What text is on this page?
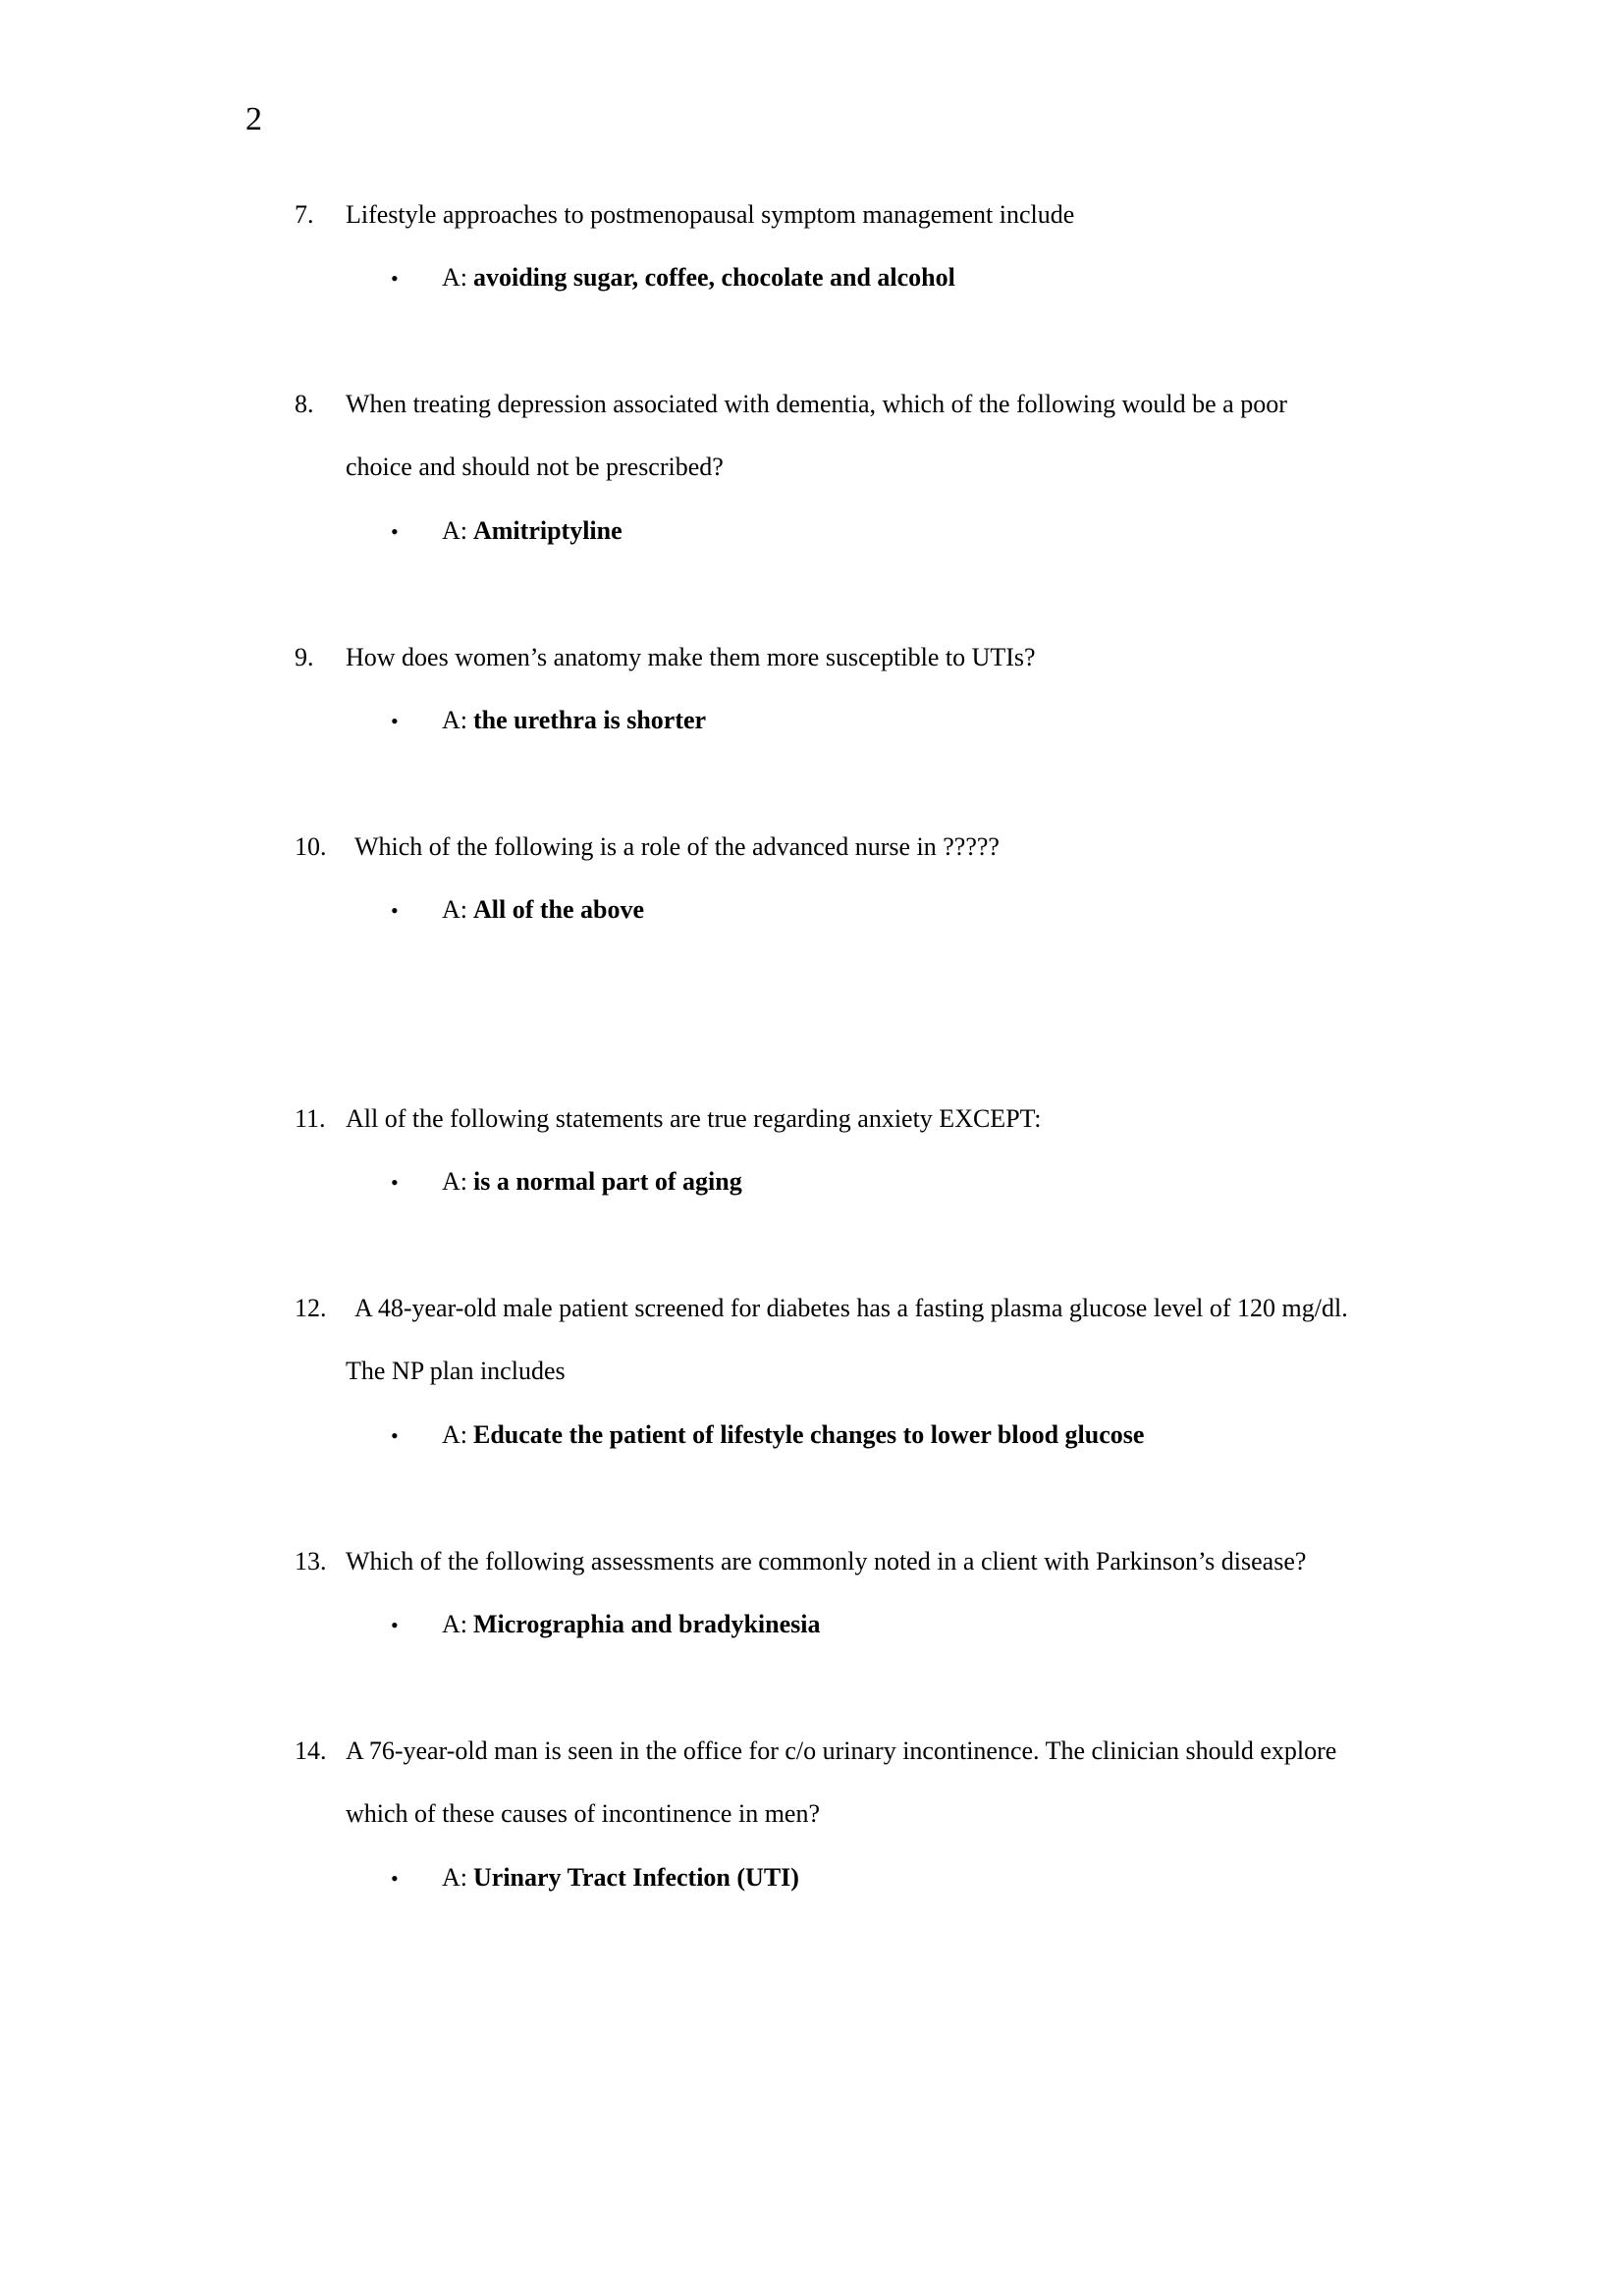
2
7.	Lifestyle approaches to postmenopausal symptom management include
•	A: avoiding sugar, coffee, chocolate and alcohol
8.	When treating depression associated with dementia, which of the following would be a poor
choice and should not be prescribed?
•	A: Amitriptyline
9.	How does women’s anatomy make them more susceptible to UTIs?
•	A: the urethra is shorter
10.	Which of the following is a role of the advanced nurse in ?????
•	A: All of the above
11. All of the following statements are true regarding anxiety EXCEPT:
•	A: is a normal part of aging
12.	A 48-year-old male patient screened for diabetes has a fasting plasma glucose level of 120 mg/dl.
The NP plan includes
•	A: Educate the patient of lifestyle changes to lower blood glucose
13. Which of the following assessments are commonly noted in a client with Parkinson’s disease?
•	A: Micrographia and bradykinesia
14. A 76-year-old man is seen in the office for c/o urinary incontinence. The clinician should explore
which of these causes of incontinence in men?
•	A: Urinary Tract Infection (UTI)
